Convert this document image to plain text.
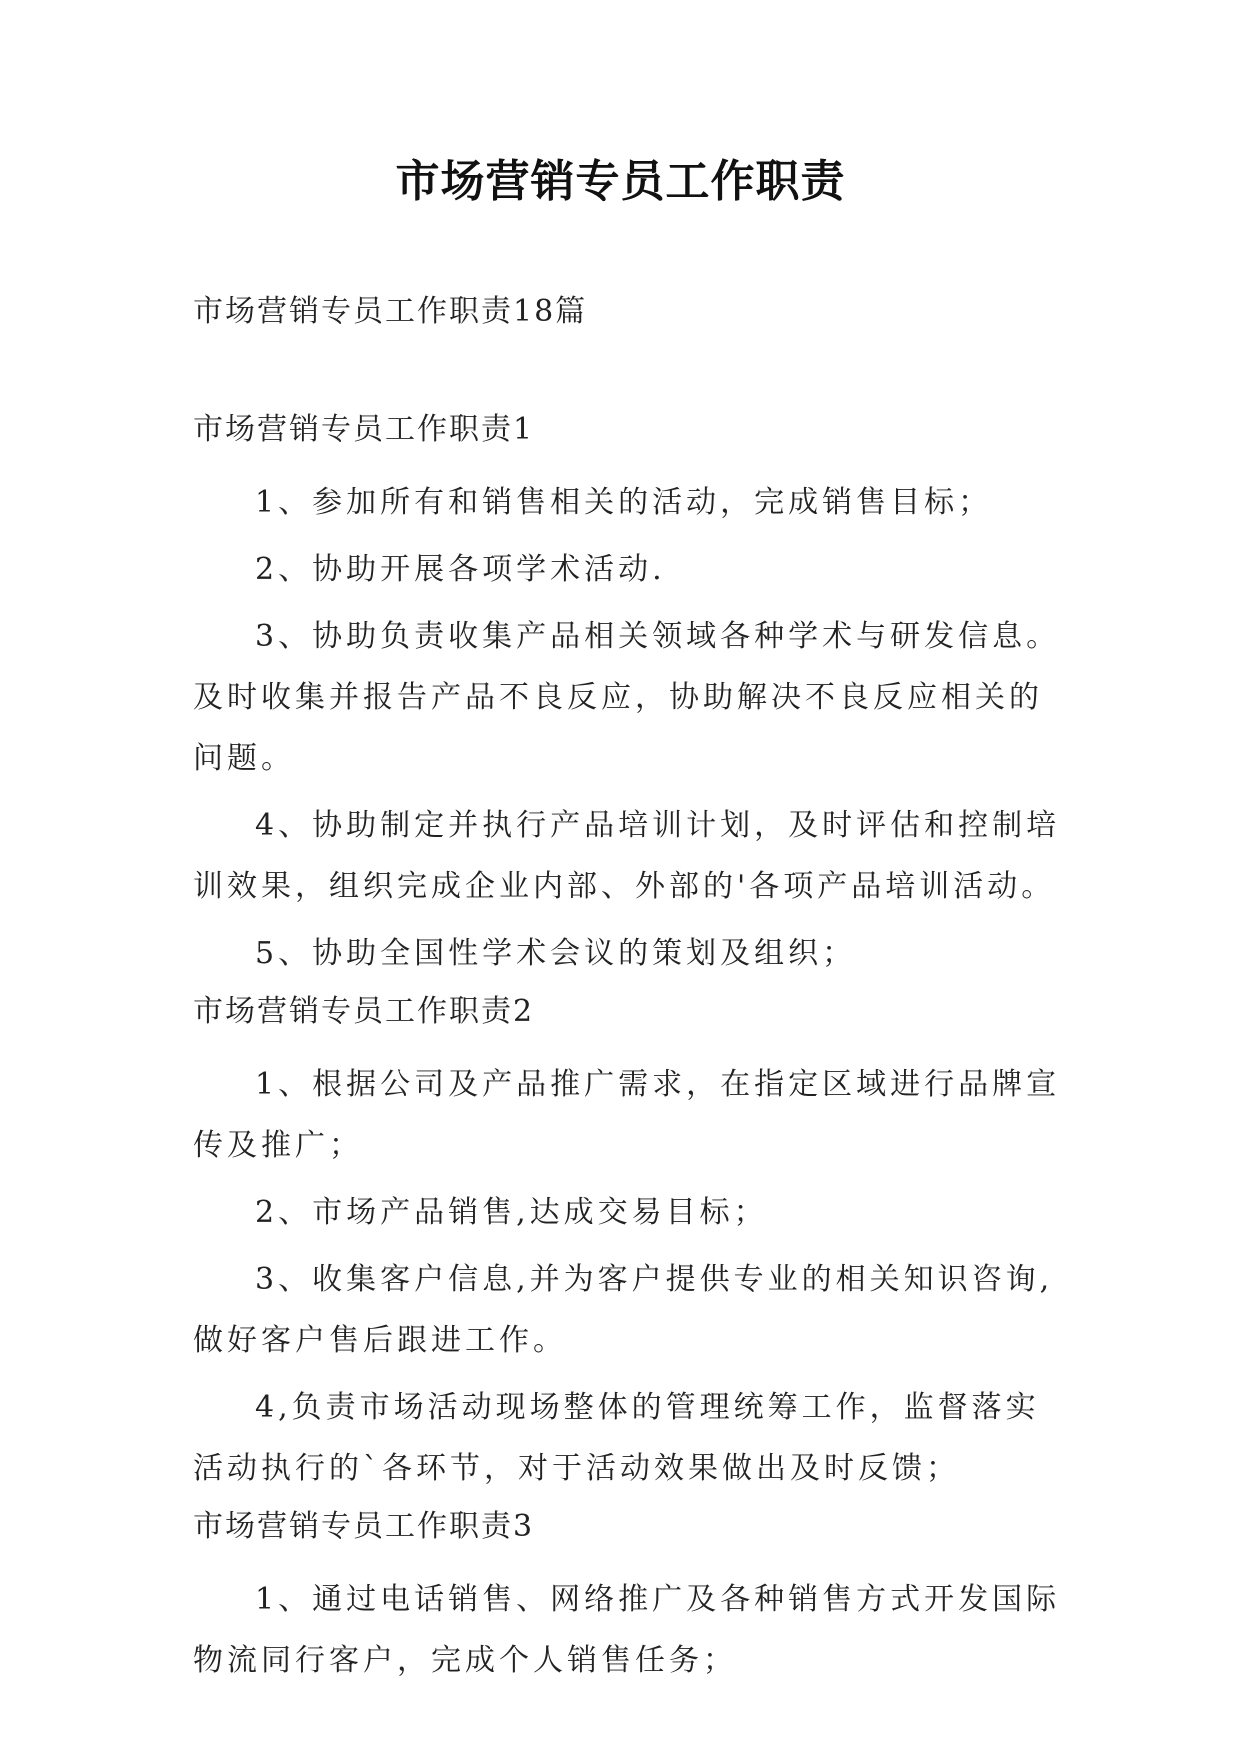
市场营销专员工作职责
市场营销专员工作职责18篇
市场营销专员工作职责1
1、参加所有和销售相关的活动，完成销售目标；
2、协助开展各项学术活动.
3、协助负责收集产品相关领域各种学术与研发信息。及时收集并报告产品不良反应，协助解决不良反应相关的问题。
4、协助制定并执行产品培训计划，及时评估和控制培训效果，组织完成企业内部、外部的'各项产品培训活动。
5、协助全国性学术会议的策划及组织；
市场营销专员工作职责2
1、根据公司及产品推广需求，在指定区域进行品牌宣传及推广；
2、市场产品销售,达成交易目标；
3、收集客户信息,并为客户提供专业的相关知识咨询,做好客户售后跟进工作。
4,负责市场活动现场整体的管理统筹工作，监督落实活动执行的`各环节，对于活动效果做出及时反馈；
市场营销专员工作职责3
1、通过电话销售、网络推广及各种销售方式开发国际物流同行客户，完成个人销售任务；
